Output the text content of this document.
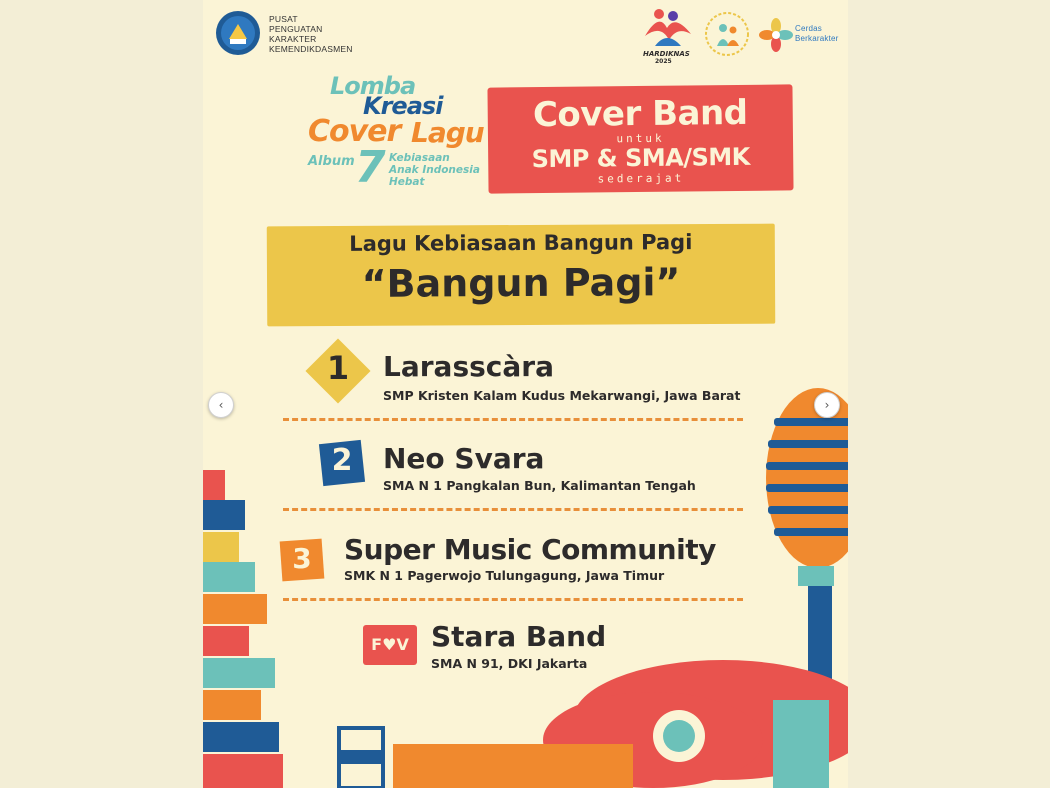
PUSAT
PENGUATAN
KARAKTER
KEMENDIKDASMEN	HARDIKNAS
2025
Cerdas
Berkarakter
Lomba
Kreasi
Cover Lagu
Album 7 Kebiasaan
Anak Indonesia
Hebat
Cover Band
untuk
SMP & SMA/SMK
sederajat
Lagu Kebiasaan Bangun Pagi
“Bangun Pagi”
1	Larasscàra
SMP Kristen Kalam Kudus Mekarwangi, Jawa Barat
2	Neo Svara
SMA N 1 Pangkalan Bun, Kalimantan Tengah
3	Super Music Community
SMK N 1 Pagerwojo Tulungagung, Jawa Timur
F♥V Stara Band
SMA N 91, DKI Jakarta
‹	›
